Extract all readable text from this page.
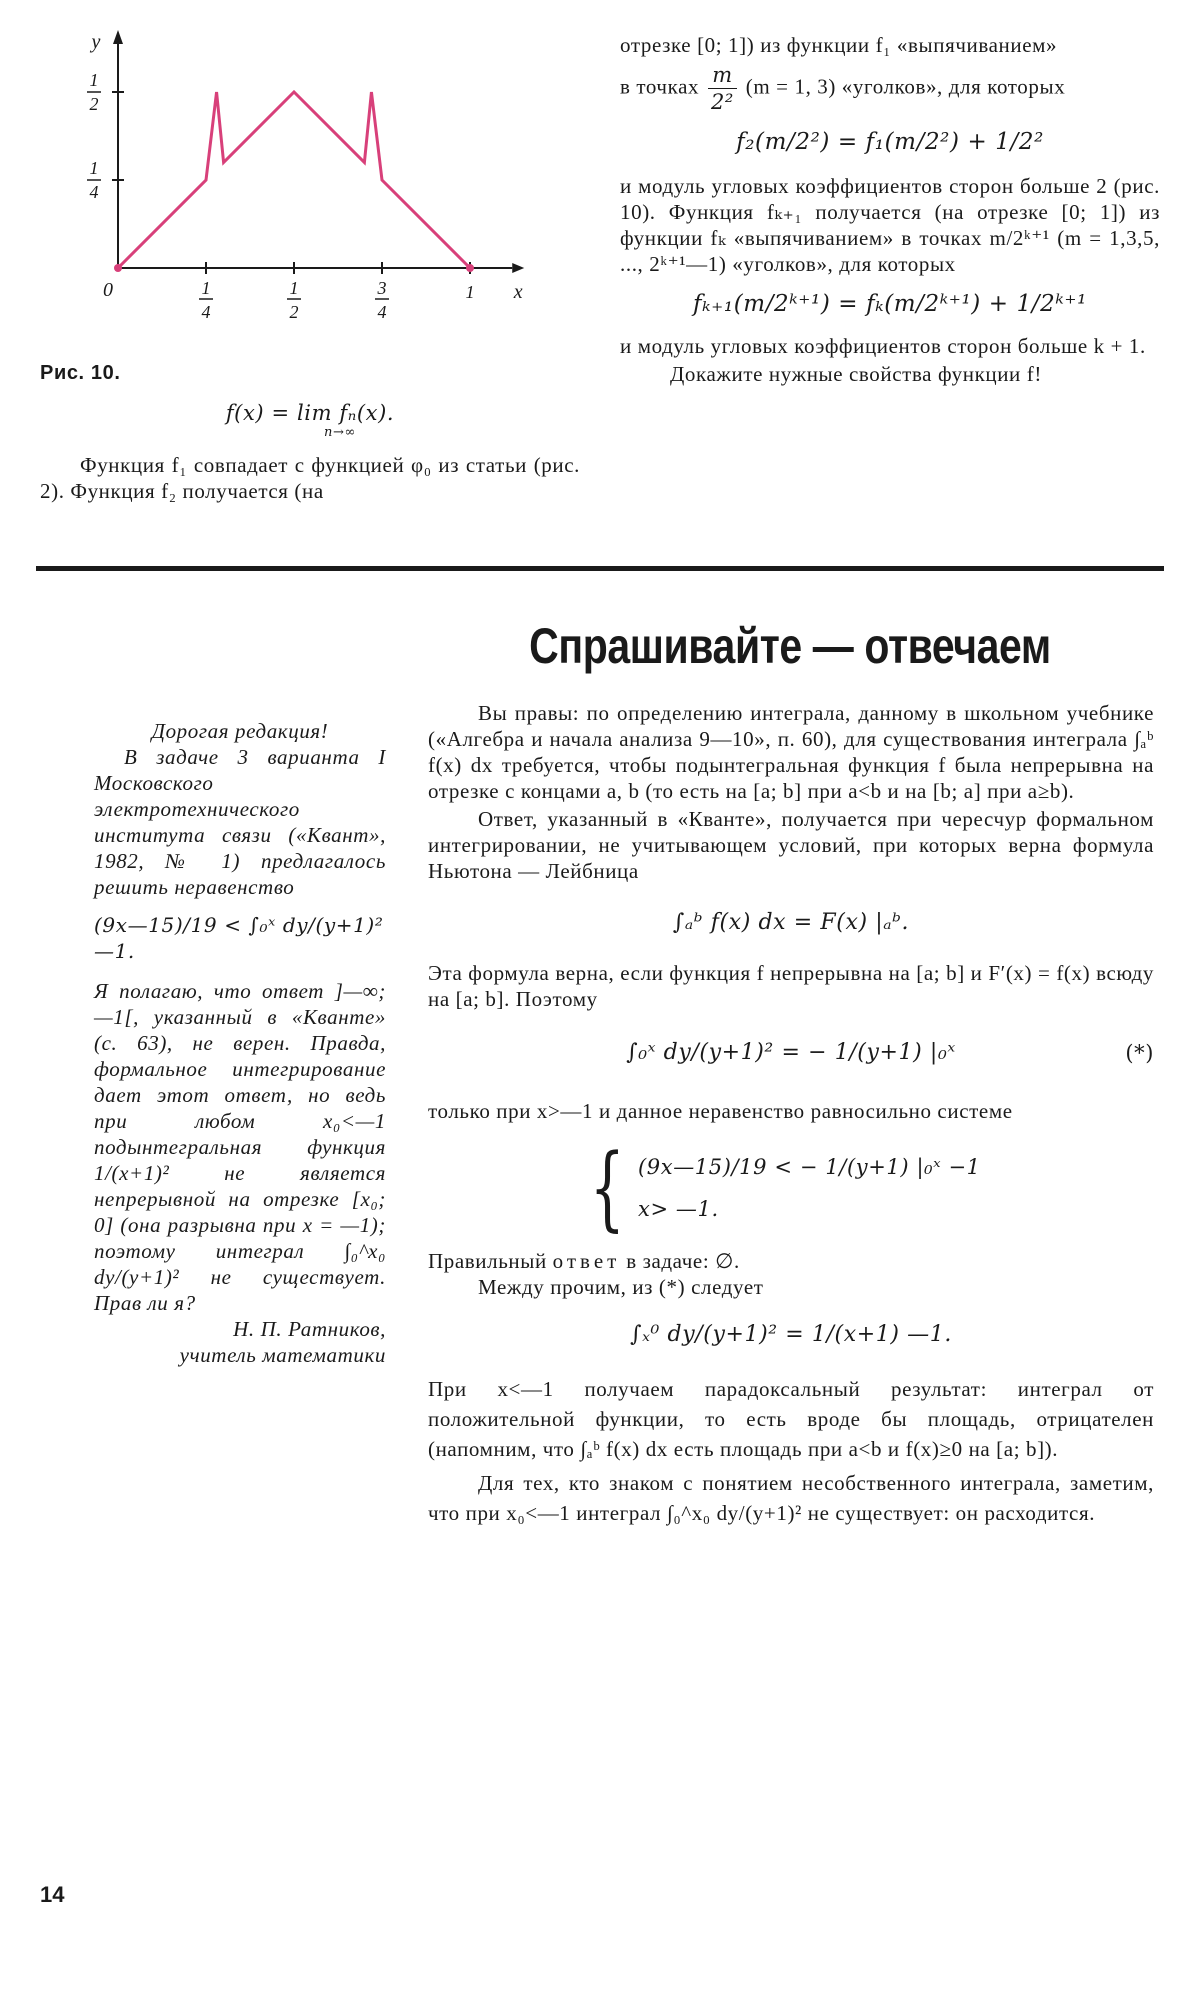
y
x
0	1
4
1
2
3
4
1
1
2
1
4
Рис. 10.
f(x) = lim fₙ(x).
n→∞
Функция f₁ совпадает с функцией φ₀ из статьи (рис. 2). Функция f₂ получается (на
отрезке [0; 1]) из функции f₁ «выпячиванием»
в точках $\frac{m}{\text{2²}} (m = 1$, 3) «уголков», для которых
f₂(m/2²) = f₁(m/2²) + 1/2²
и модуль угловых коэффициентов сторон больше 2 (рис. 10). Функция fₖ₊₁ получается (на отрезке [0; 1]) из функции fₖ «выпячиванием» в точках m/2ᵏ⁺¹ (m = 1,3,5, ..., 2ᵏ⁺¹—1) «уголков», для которых
fₖ₊₁(m/2ᵏ⁺¹) = fₖ(m/2ᵏ⁺¹) + 1/2ᵏ⁺¹
и модуль угловых коэффициентов сторон больше k + 1.
Докажите нужные свойства функции f!
Спрашивайте — отвечаем
Дорогая редакция!
В задаче 3 варианта I Московского электротехнического института связи («Квант», 1982, № 1) предлагалось решить неравенство
(9x—15)/19 < ∫₀ˣ dy/(y+1)² —1.
Я полагаю, что ответ ]—∞; —1[, указанный в «Кванте» (с. 63), не верен. Правда, формальное интегрирование дает этот ответ, но ведь при любом x₀<—1 подынтегральная функция 1/(x+1)² не является непрерывной на отрезке [x₀; 0] (она разрывна при x = —1); поэтому интеграл ∫₀^x₀ dy/(y+1)² не существует. Прав ли я?
Н. П. Ратников,
учитель математики
Вы правы: по определению интеграла, данному в школьном учебнике («Алгебра и начала анализа 9—10», п. 60), для существования интеграла ∫ₐᵇ f(x) dx требуется, чтобы подынтегральная функция f была непрерывна на отрезке с концами a, b (то есть на [a; b] при a<b и на [b; a] при a≥b).
Ответ, указанный в «Кванте», получается при чересчур формальном интегрировании, не учитывающем условий, при которых верна формула Ньютона — Лейбница
∫ₐᵇ f(x) dx = F(x) |ₐᵇ.
Эта формула верна, если функция f непрерывна на [a; b] и F′(x) = f(x) всюду на [a; b]. Поэтому
∫₀ˣ dy/(y+1)² = − 1/(y+1) |₀ˣ	(*)
только при x>—1 и данное неравенство равносильно системе
{ (9x—15)/19 < − 1/(y+1) |₀ˣ −1
x> —1.
Правильный ответ в задаче: ∅.
Между прочим, из (*) следует
∫ₓ⁰ dy/(y+1)² = 1/(x+1) —1.
При x<—1 получаем парадоксальный результат: интеграл от положительной функции, то есть вроде бы площадь, отрицателен (напомним, что ∫ₐᵇ f(x) dx есть площадь при a<b и f(x)≥0 на [a; b]).
Для тех, кто знаком с понятием несобственного интеграла, заметим, что при x₀<—1 интеграл ∫₀^x₀ dy/(y+1)² не существует: он расходится.
14
